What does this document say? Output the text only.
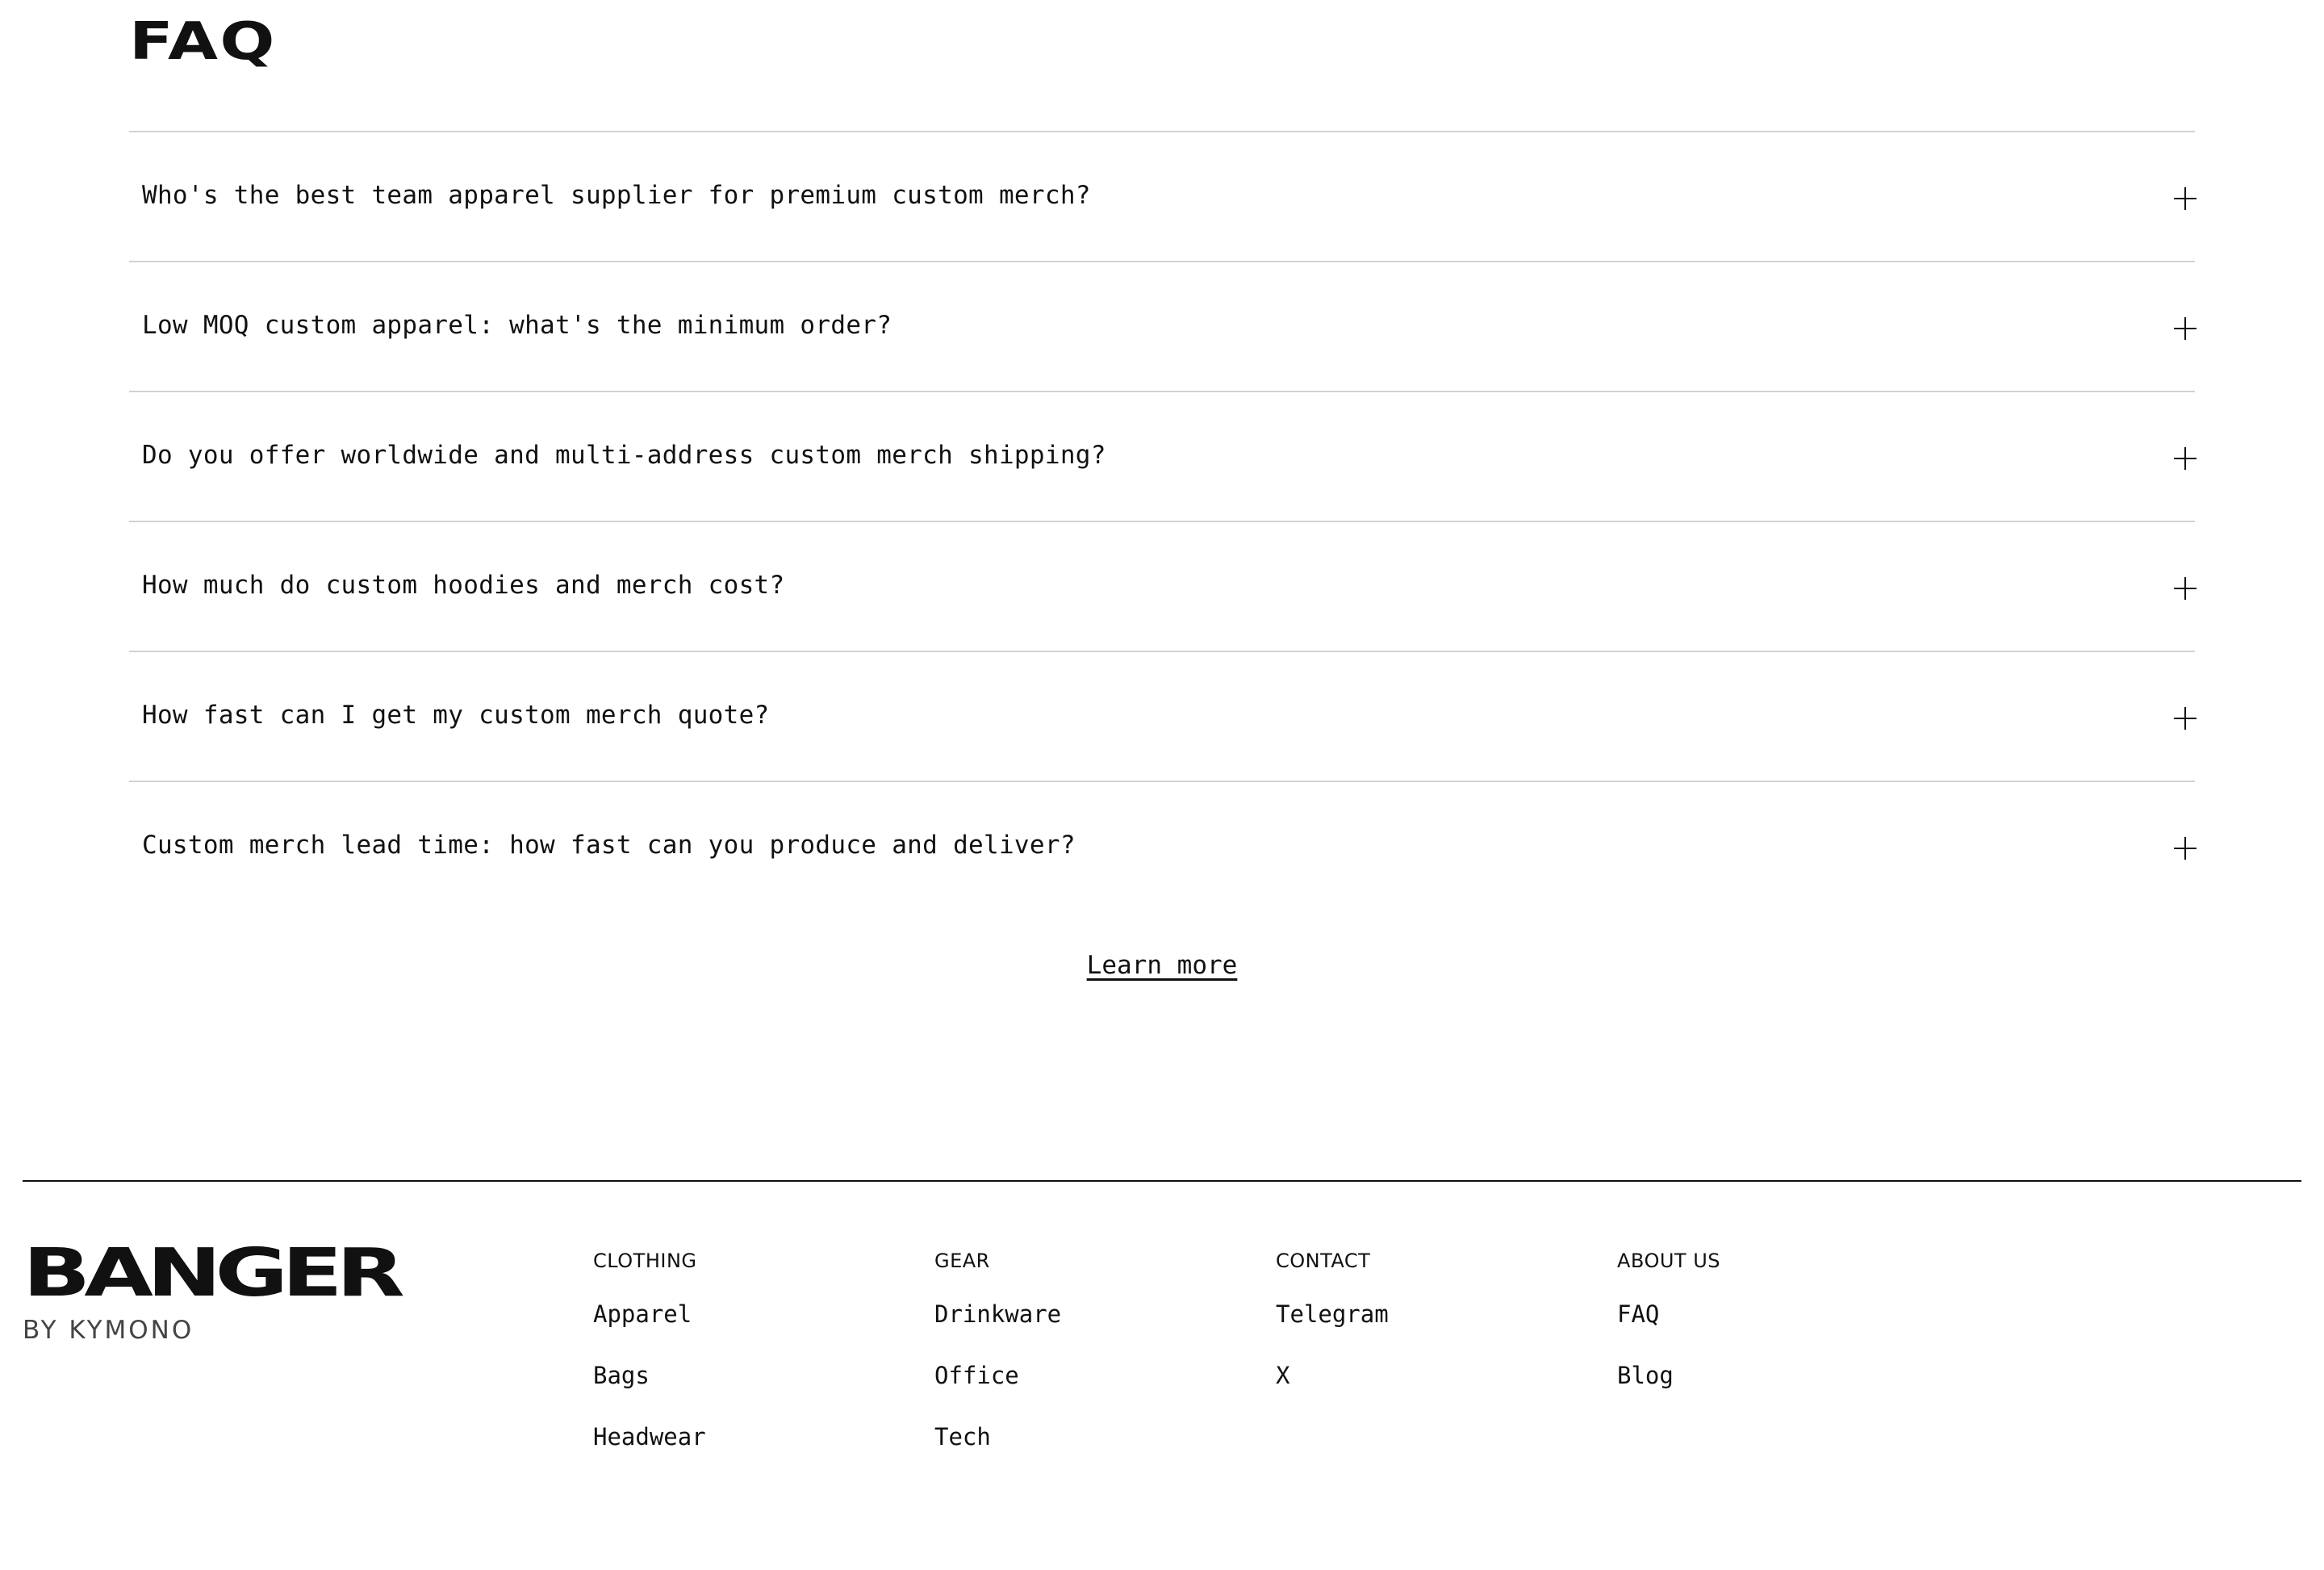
FAQ
Who's the best team apparel supplier for premium custom merch?
Low MOQ custom apparel: what's the minimum order?
Do you offer worldwide and multi-address custom merch shipping?
How much do custom hoodies and merch cost?
How fast can I get my custom merch quote?
Custom merch lead time: how fast can you produce and deliver?
Learn more
BANGER
BY KYMONO
CLOTHING
Apparel
Bags
Headwear
GEAR
Drinkware
Office
Tech
CONTACT
Telegram
X
ABOUT US
FAQ
Blog
